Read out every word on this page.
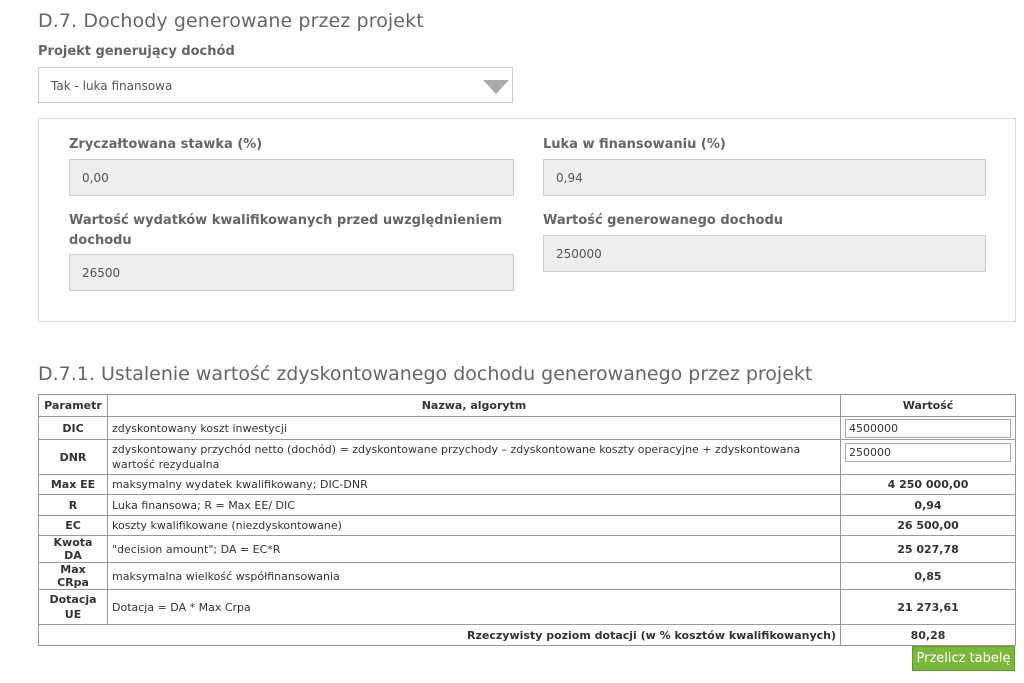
D.7. Dochody generowane przez projekt
Projekt generujący dochód
Tak - luka finansowa
Zryczałtowana stawka (%)
0,00
Luka w finansowaniu (%)
0,94
Wartość wydatków kwalifikowanych przed uwzględnieniem dochodu
26500
Wartość generowanego dochodu
250000
D.7.1. Ustalenie wartość zdyskontowanego dochodu generowanego przez projekt
Parametr	Nazwa, algorytm	Wartość
DIC	zdyskontowany koszt inwestycji	4500000
DNR	zdyskontowany przychód netto (dochód) = zdyskontowane przychody – zdyskontowane koszty operacyjne + zdyskontowana wartość rezydualna	250000
Max EE	maksymalny wydatek kwalifikowany; DIC-DNR	4 250 000,00
R	Luka finansowa; R = Max EE/ DIC	0,94
EC	koszty kwalifikowane (niezdyskontowane)	26 500,00
Kwota DA	"decision amount"; DA = EC*R	25 027,78
Max CRpa	maksymalna wielkość współfinansowania	0,85
Dotacja UE	Dotacja = DA * Max Crpa	21 273,61
Rzeczywisty poziom dotacji (w % kosztów kwalifikowanych)		80,28
Przelicz tabelę
